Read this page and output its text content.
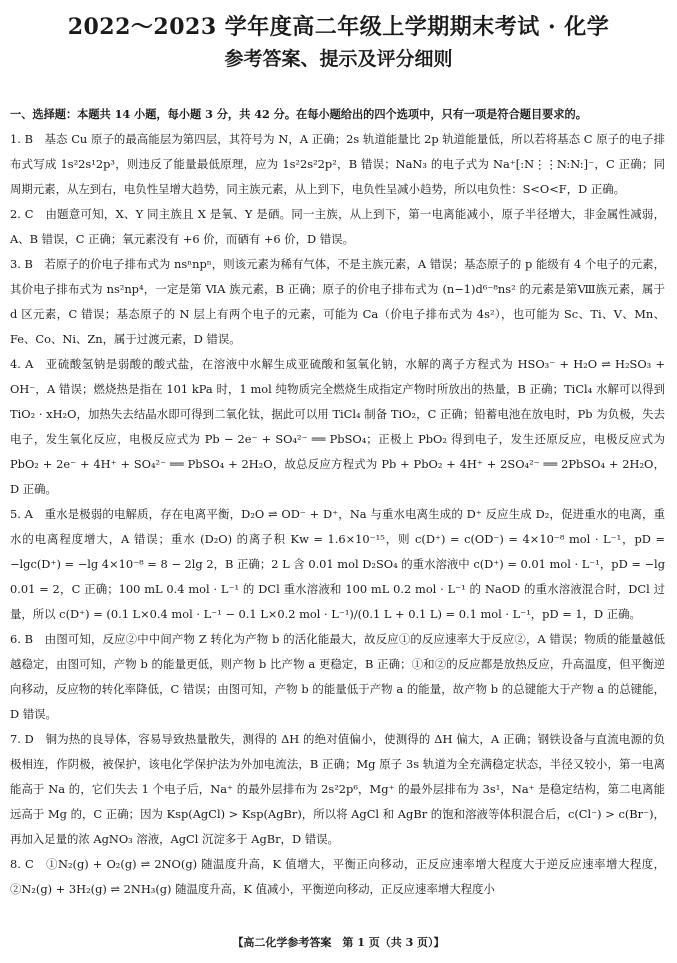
2022～2023 学年度高二年级上学期期末考试 · 化学
参考答案、提示及评分细则
一、选择题：本题共 14 小题，每小题 3 分，共 42 分。在每小题给出的四个选项中，只有一项是符合题目要求的。

1. B　 基态 Cu 原子的最高能层为第四层，其符号为 N，A 正确；2s 轨道能量比 2p 轨道能量低，所以若将基态 C 原子的电子排布式写成 1s²2s¹2p³，则违反了能量最低原理，应为 1s²2s²2p²，B 错误；NaN₃ 的电子式为 Na⁺[:N⋮⋮N:N:]⁻，C 正确；同周期元素，从左到右，电负性呈增大趋势，同主族元素，从上到下，电负性呈减小趋势，所以电负性：S<O<F，D 正确。

2. C　 由题意可知，X、Y 同主族且 X 是氧、Y 是硒。同一主族，从上到下，第一电离能减小，原子半径增大，非金属性减弱，A、B 错误，C 正确；氧元素没有 +6 价，而硒有 +6 价，D 错误。

3. B　 若原子的价电子排布式为 nsⁿnpⁿ，则该元素为稀有气体，不是主族元素，A 错误；基态原子的 p 能级有 4 个电子的元素，其价电子排布式为 ns²np⁴，一定是第 ⅥA 族元素，B 正确；原子的价电子排布式为 (n−1)d⁶⁻⁸ns² 的元素是第Ⅷ族元素，属于 d 区元素，C 错误；基态原子的 N 层上有两个电子的元素，可能为 Ca（价电子排布式为 4s²），也可能为 Sc、Ti、V、Mn、Fe、Co、Ni、Zn，属于过渡元素，D 错误。

4. A　 亚硫酸氢钠是弱酸的酸式盐，在溶液中水解生成亚硫酸和氢氧化钠，水解的离子方程式为 HSO₃⁻ + H₂O ⇌ H₂SO₃ + OH⁻，A 错误；燃烧热是指在 101 kPa 时，1 mol 纯物质完全燃烧生成指定产物时所放出的热量，B 正确；TiCl₄ 水解可以得到 TiO₂ · xH₂O，加热失去结晶水即可得到二氧化钛，据此可以用 TiCl₄ 制备 TiO₂，C 正确；铅蓄电池在放电时，Pb 为负极，失去电子，发生氧化反应，电极反应式为 Pb − 2e⁻ + SO₄²⁻ ══ PbSO₄；正极上 PbO₂ 得到电子，发生还原反应，电极反应式为 PbO₂ + 2e⁻ + 4H⁺ + SO₄²⁻ ══ PbSO₄ + 2H₂O，故总反应方程式为 Pb + PbO₂ + 4H⁺ + 2SO₄²⁻ ══ 2PbSO₄ + 2H₂O，D 正确。

5. A　 重水是极弱的电解质，存在电离平衡，D₂O ⇌ OD⁻ + D⁺，Na 与重水电离生成的 D⁺ 反应生成 D₂，促进重水的电离，重水的电离程度增大，A 错误；重水 (D₂O) 的离子积 Kw = 1.6×10⁻¹⁵，则 c(D⁺) = c(OD⁻) = 4×10⁻⁸ mol · L⁻¹，pD = −lgc(D⁺) = −lg 4×10⁻⁸ = 8 − 2lg 2，B 正确；2 L 含 0.01 mol D₂SO₄ 的重水溶液中 c(D⁺) = 0.01 mol · L⁻¹，pD = −lg 0.01 = 2，C 正确；100 mL 0.4 mol · L⁻¹ 的 DCl 重水溶液和 100 mL 0.2 mol · L⁻¹ 的 NaOD 的重水溶液混合时，DCl 过量，所以 c(D⁺) = (0.1 L×0.4 mol · L⁻¹ − 0.1 L×0.2 mol · L⁻¹)/(0.1 L + 0.1 L) = 0.1 mol · L⁻¹，pD = 1，D 正确。

6. B　 由图可知，反应②中中间产物 Z 转化为产物 b 的活化能最大，故反应①的反应速率大于反应②，A 错误；物质的能量越低越稳定，由图可知，产物 b 的能量更低，则产物 b 比产物 a 更稳定，B 正确；①和②的反应都是放热反应，升高温度，但平衡逆向移动，反应物的转化率降低，C 错误；由图可知，产物 b 的能量低于产物 a 的能量，故产物 b 的总键能大于产物 a 的总键能，D 错误。

7. D　 铜为热的良导体，容易导致热量散失，测得的 ΔH 的绝对值偏小，使测得的 ΔH 偏大，A 正确；钢铁设备与直流电源的负极相连，作阴极，被保护，该电化学保护法为外加电流法，B 正确；Mg 原子 3s 轨道为全充满稳定状态，半径又较小，第一电离能高于 Na 的，它们失去 1 个电子后，Na⁺ 的最外层排布为 2s²2p⁶，Mg⁺ 的最外层排布为 3s¹，Na⁺ 是稳定结构，第二电离能远高于 Mg 的，C 正确；因为 Ksp(AgCl) > Ksp(AgBr)，所以将 AgCl 和 AgBr 的饱和溶液等体积混合后，c(Cl⁻) > c(Br⁻)，再加入足量的浓 AgNO₃ 溶液，AgCl 沉淀多于 AgBr，D 错误。

8. C　 ①N₂(g) + O₂(g) ⇌ 2NO(g) 随温度升高，K 值增大，平衡正向移动，正反应速率增大程度大于逆反应速率增大程度，②N₂(g) + 3H₂(g) ⇌ 2NH₃(g) 随温度升高，K 值减小，平衡逆向移动，正反应速率增大程度小

【高二化学参考答案　第 1 页（共 3 页）】
